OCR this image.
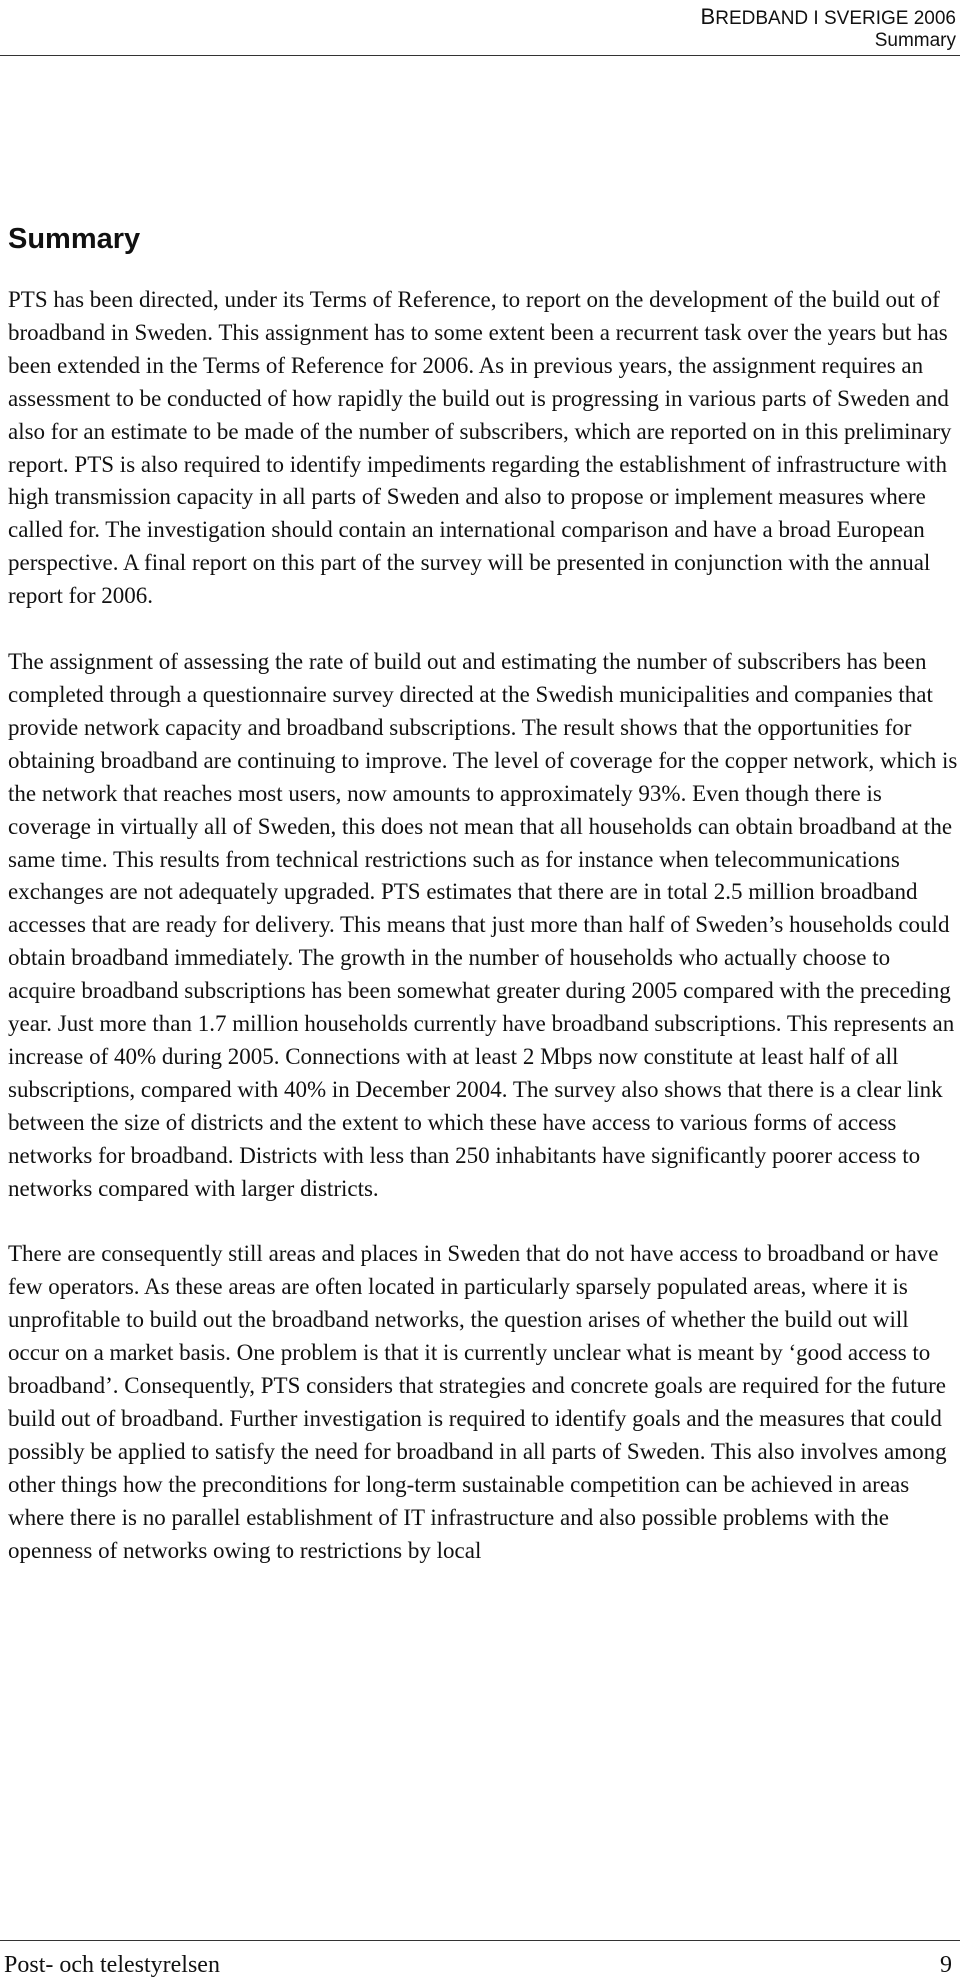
BREDBAND I SVERIGE 2006
Summary
Summary

PTS has been directed, under its Terms of Reference, to report on the development of the build out of broadband in Sweden. This assignment has to some extent been a recurrent task over the years but has been extended in the Terms of Reference for 2006. As in previous years, the assignment requires an assessment to be conducted of how rapidly the build out is progressing in various parts of Sweden and also for an estimate to be made of the number of subscribers, which are reported on in this preliminary report. PTS is also required to identify impediments regarding the establishment of infrastructure with high transmission capacity in all parts of Sweden and also to propose or implement measures where called for. The investigation should contain an international comparison and have a broad European perspective. A final report on this part of the survey will be presented in conjunction with the annual report for 2006.

The assignment of assessing the rate of build out and estimating the number of subscribers has been completed through a questionnaire survey directed at the Swedish municipalities and companies that provide network capacity and broadband subscriptions. The result shows that the opportunities for obtaining broadband are continuing to improve. The level of coverage for the copper network, which is the network that reaches most users, now amounts to approximately 93%. Even though there is coverage in virtually all of Sweden, this does not mean that all households can obtain broadband at the same time. This results from technical restrictions such as for instance when telecommunications exchanges are not adequately upgraded. PTS estimates that there are in total 2.5 million broadband accesses that are ready for delivery. This means that just more than half of Sweden’s households could obtain broadband immediately. The growth in the number of households who actually choose to acquire broadband subscriptions has been somewhat greater during 2005 compared with the preceding year. Just more than 1.7 million households currently have broadband subscriptions. This represents an increase of 40% during 2005. Connections with at least 2 Mbps now constitute at least half of all subscriptions, compared with 40% in December 2004. The survey also shows that there is a clear link between the size of districts and the extent to which these have access to various forms of access networks for broadband. Districts with less than 250 inhabitants have significantly poorer access to networks compared with larger districts.

There are consequently still areas and places in Sweden that do not have access to broadband or have few operators. As these areas are often located in particularly sparsely populated areas, where it is unprofitable to build out the broadband networks, the question arises of whether the build out will occur on a market basis. One problem is that it is currently unclear what is meant by ‘good access to broadband’. Consequently, PTS considers that strategies and concrete goals are required for the future build out of broadband. Further investigation is required to identify goals and the measures that could possibly be applied to satisfy the need for broadband in all parts of Sweden. This also involves among other things how the preconditions for long-term sustainable competition can be achieved in areas where there is no parallel establishment of IT infrastructure and also possible problems with the openness of networks owing to restrictions by local

Post- och telestyrelsen	9
